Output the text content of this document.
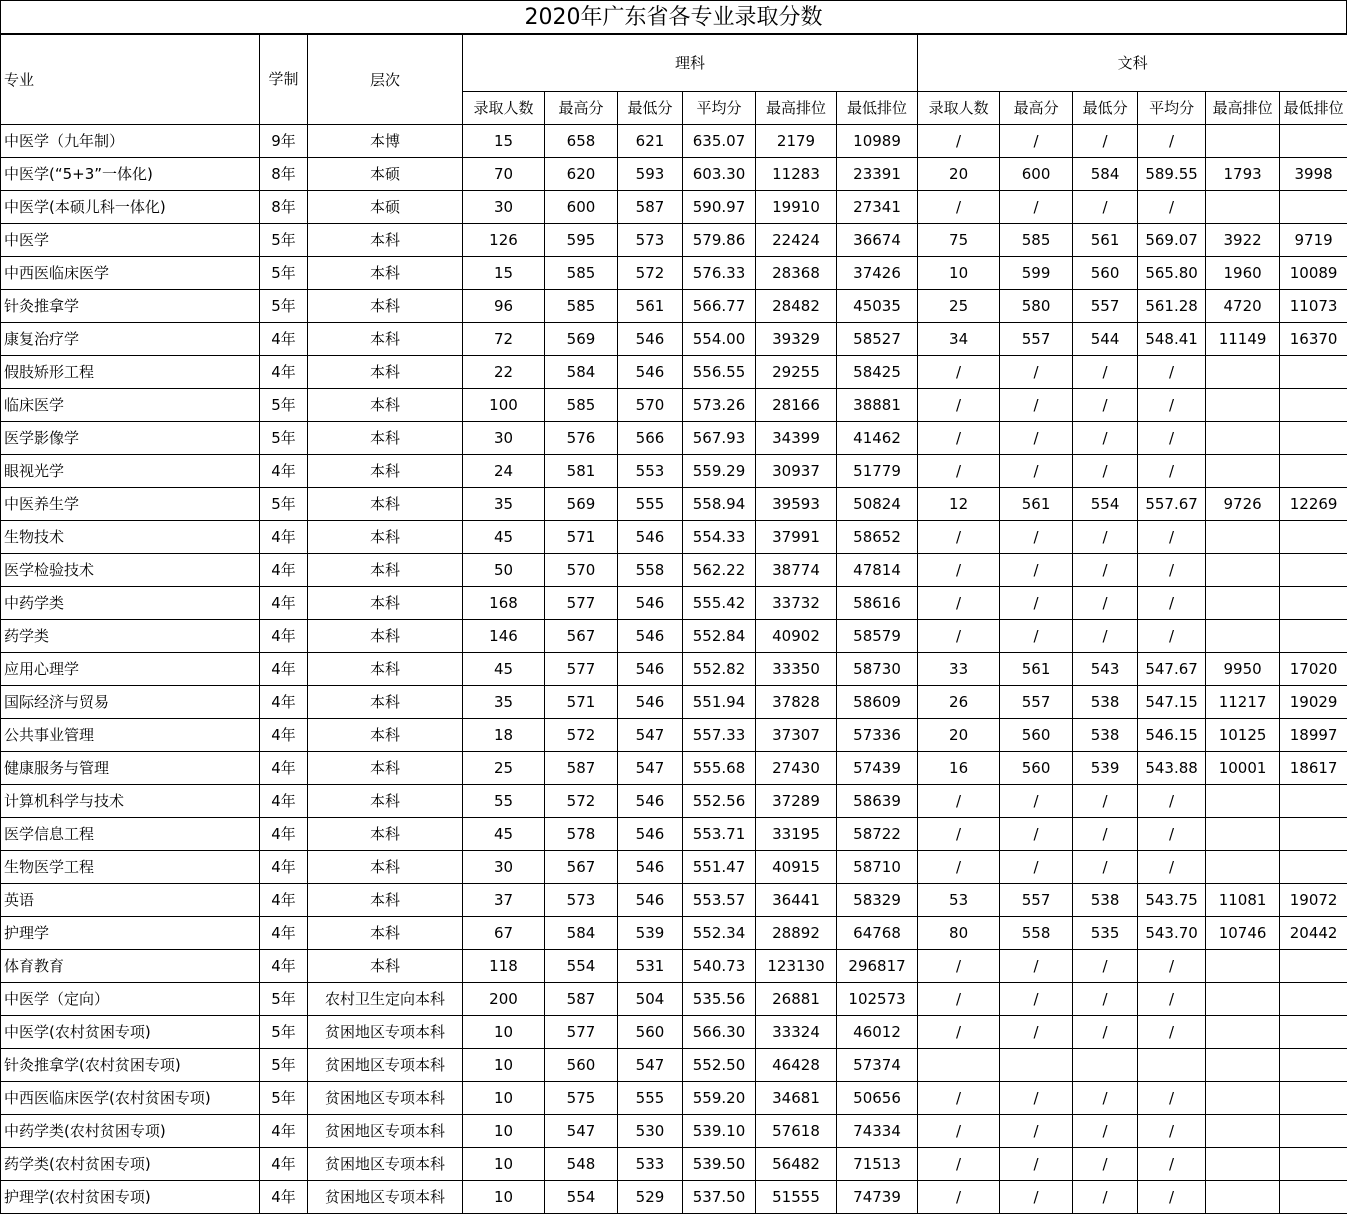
2020年广东省各专业录取分数
专业	学制	层次	理科						文科					
			录取人数	最高分	最低分	平均分	最高排位	最低排位	录取人数	最高分	最低分	平均分	最高排位	最低排位
中医学（九年制）	9年	本博	15	658	621	635.07	2179	10989	/	/	/	/		
中医学(“5+3”一体化)	8年	本硕	70	620	593	603.30	11283	23391	20	600	584	589.55	1793	3998
中医学(本硕儿科一体化)	8年	本硕	30	600	587	590.97	19910	27341	/	/	/	/		
中医学	5年	本科	126	595	573	579.86	22424	36674	75	585	561	569.07	3922	9719
中西医临床医学	5年	本科	15	585	572	576.33	28368	37426	10	599	560	565.80	1960	10089
针灸推拿学	5年	本科	96	585	561	566.77	28482	45035	25	580	557	561.28	4720	11073
康复治疗学	4年	本科	72	569	546	554.00	39329	58527	34	557	544	548.41	11149	16370
假肢矫形工程	4年	本科	22	584	546	556.55	29255	58425	/	/	/	/		
临床医学	5年	本科	100	585	570	573.26	28166	38881	/	/	/	/		
医学影像学	5年	本科	30	576	566	567.93	34399	41462	/	/	/	/		
眼视光学	4年	本科	24	581	553	559.29	30937	51779	/	/	/	/		
中医养生学	5年	本科	35	569	555	558.94	39593	50824	12	561	554	557.67	9726	12269
生物技术	4年	本科	45	571	546	554.33	37991	58652	/	/	/	/		
医学检验技术	4年	本科	50	570	558	562.22	38774	47814	/	/	/	/		
中药学类	4年	本科	168	577	546	555.42	33732	58616	/	/	/	/		
药学类	4年	本科	146	567	546	552.84	40902	58579	/	/	/	/		
应用心理学	4年	本科	45	577	546	552.82	33350	58730	33	561	543	547.67	9950	17020
国际经济与贸易	4年	本科	35	571	546	551.94	37828	58609	26	557	538	547.15	11217	19029
公共事业管理	4年	本科	18	572	547	557.33	37307	57336	20	560	538	546.15	10125	18997
健康服务与管理	4年	本科	25	587	547	555.68	27430	57439	16	560	539	543.88	10001	18617
计算机科学与技术	4年	本科	55	572	546	552.56	37289	58639	/	/	/	/		
医学信息工程	4年	本科	45	578	546	553.71	33195	58722	/	/	/	/		
生物医学工程	4年	本科	30	567	546	551.47	40915	58710	/	/	/	/		
英语	4年	本科	37	573	546	553.57	36441	58329	53	557	538	543.75	11081	19072
护理学	4年	本科	67	584	539	552.34	28892	64768	80	558	535	543.70	10746	20442
体育教育	4年	本科	118	554	531	540.73	123130	296817	/	/	/	/		
中医学（定向）	5年	农村卫生定向本科	200	587	504	535.56	26881	102573	/	/	/	/		
中医学(农村贫困专项)	5年	贫困地区专项本科	10	577	560	566.30	33324	46012	/	/	/	/		
针灸推拿学(农村贫困专项)	5年	贫困地区专项本科	10	560	547	552.50	46428	57374						
中西医临床医学(农村贫困专项)	5年	贫困地区专项本科	10	575	555	559.20	34681	50656	/	/	/	/		
中药学类(农村贫困专项)	4年	贫困地区专项本科	10	547	530	539.10	57618	74334	/	/	/	/		
药学类(农村贫困专项)	4年	贫困地区专项本科	10	548	533	539.50	56482	71513	/	/	/	/		
护理学(农村贫困专项)	4年	贫困地区专项本科	10	554	529	537.50	51555	74739	/	/	/	/		
